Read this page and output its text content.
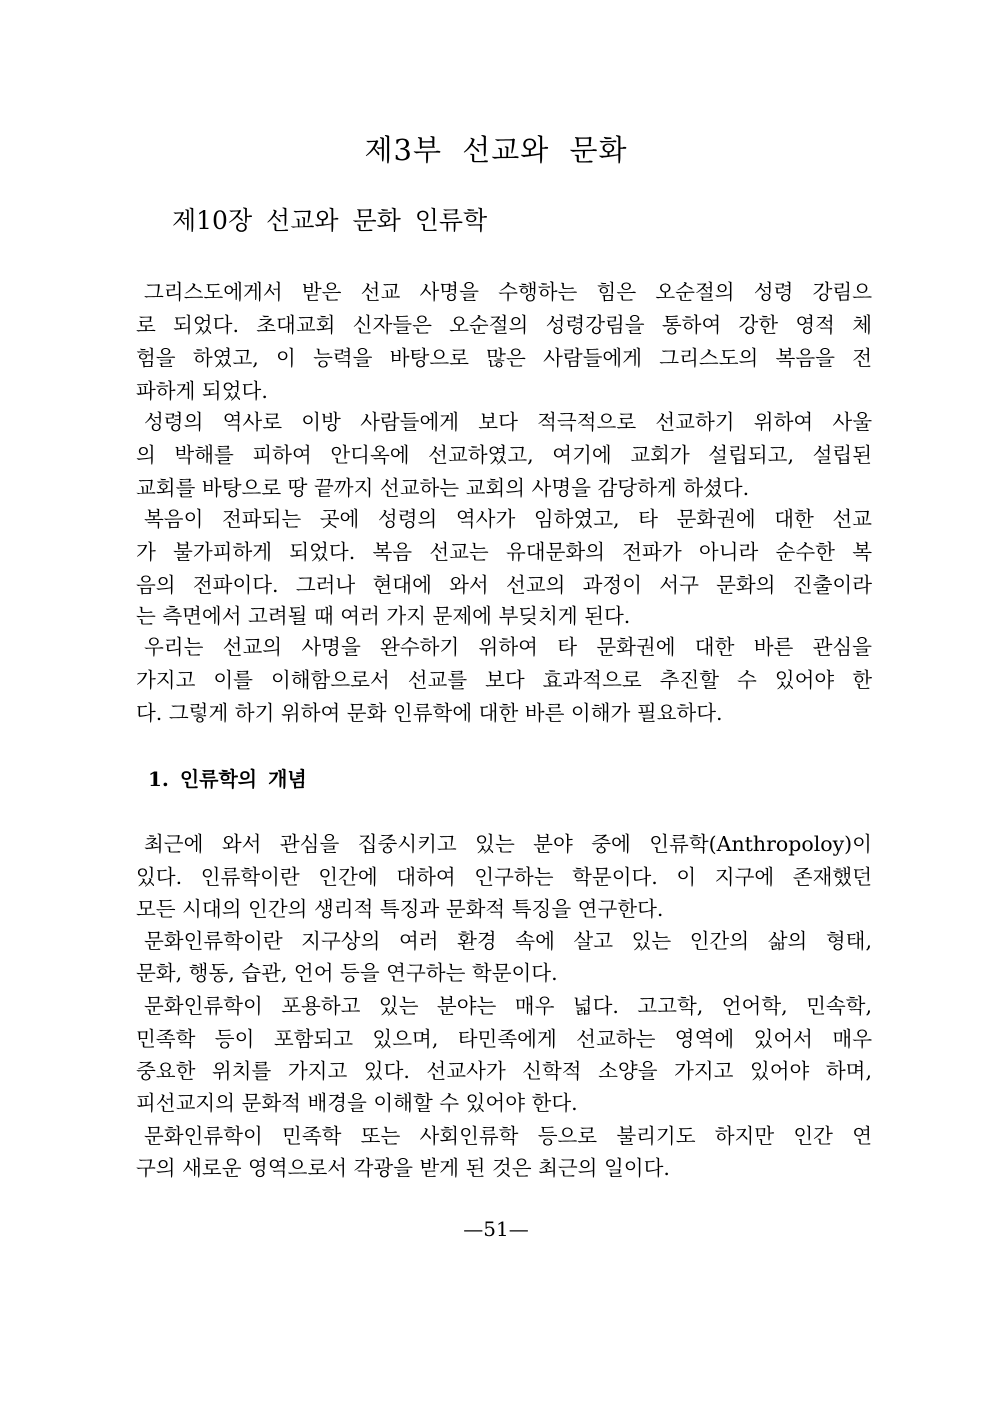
제3부 선교와 문화
제10장 선교와 문화 인류학
그리스도에게서 받은 선교 사명을 수행하는 힘은 오순절의 성령 강림으
로 되었다. 초대교회 신자들은 오순절의 성령강림을 통하여 강한 영적 체
험을 하였고, 이 능력을 바탕으로 많은 사람들에게 그리스도의 복음을 전
파하게 되었다.
성령의 역사로 이방 사람들에게 보다 적극적으로 선교하기 위하여 사울
의 박해를 피하여 안디옥에 선교하였고, 여기에 교회가 설립되고, 설립된
교회를 바탕으로 땅 끝까지 선교하는 교회의 사명을 감당하게 하셨다.
복음이 전파되는 곳에 성령의 역사가 임하였고, 타 문화권에 대한 선교
가 불가피하게 되었다. 복음 선교는 유대문화의 전파가 아니라 순수한 복
음의 전파이다. 그러나 현대에 와서 선교의 과정이 서구 문화의 진출이라
는 측면에서 고려될 때 여러 가지 문제에 부딪치게 된다.
우리는 선교의 사명을 완수하기 위하여 타 문화권에 대한 바른 관심을
가지고 이를 이해함으로서 선교를 보다 효과적으로 추진할 수 있어야 한
다. 그렇게 하기 위하여 문화 인류학에 대한 바른 이해가 필요하다.
1. 인류학의 개념
최근에 와서 관심을 집중시키고 있는 분야 중에 인류학(Anthropoloy)이
있다. 인류학이란 인간에 대하여 인구하는 학문이다. 이 지구에 존재했던
모든 시대의 인간의 생리적 특징과 문화적 특징을 연구한다.
문화인류학이란 지구상의 여러 환경 속에 살고 있는 인간의 삶의 형태,
문화, 행동, 습관, 언어 등을 연구하는 학문이다.
문화인류학이 포용하고 있는 분야는 매우 넓다. 고고학, 언어학, 민속학,
민족학 등이 포함되고 있으며, 타민족에게 선교하는 영역에 있어서 매우
중요한 위치를 가지고 있다. 선교사가 신학적 소양을 가지고 있어야 하며,
피선교지의 문화적 배경을 이해할 수 있어야 한다.
문화인류학이 민족학 또는 사회인류학 등으로 불리기도 하지만 인간 연
구의 새로운 영역으로서 각광을 받게 된 것은 최근의 일이다.
—51—
